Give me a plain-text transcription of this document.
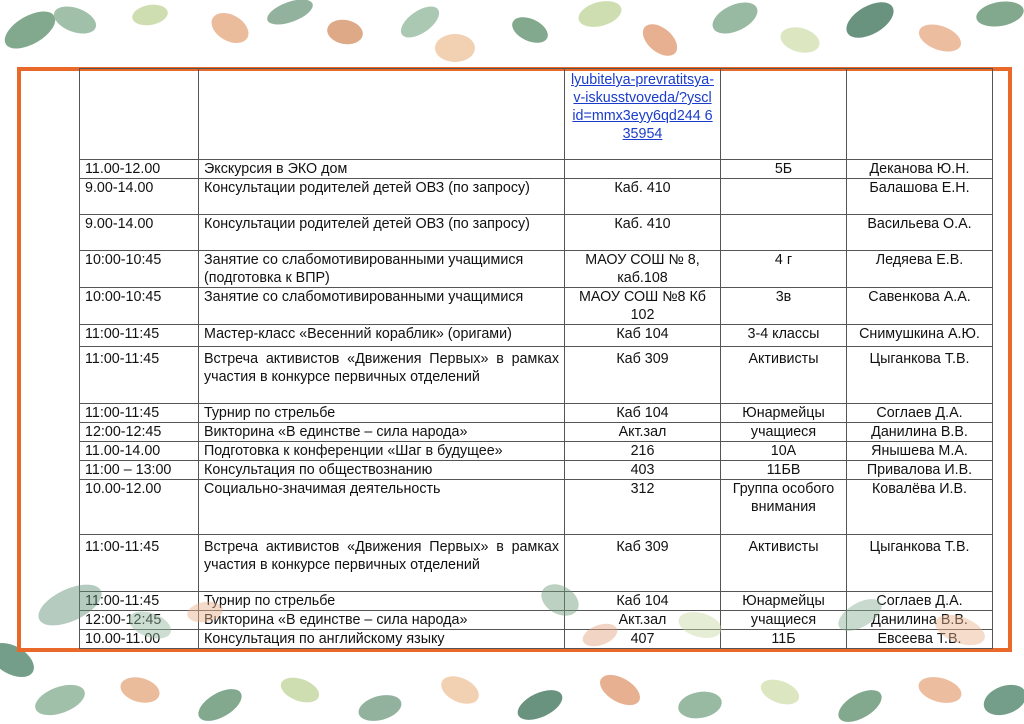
		lyubitelya-prevratitsya-v-iskusstvoveda/?yscl id=mmx3eyy6qd244 635954		
11.00-12.00	Экскурсия в ЭКО дом		5Б	Деканова Ю.Н.
9.00-14.00	Консультации родителей детей ОВЗ (по запросу)	Каб. 410		Балашова Е.Н.
9.00-14.00	Консультации родителей детей ОВЗ (по запросу)	Каб. 410		Васильева О.А.
10:00-10:45	Занятие со слабомотивированными учащимися (подготовка к ВПР)	МАОУ СОШ № 8, каб.108	4 г	Ледяева Е.В.
10:00-10:45	Занятие со слабомотивированными учащимися	МАОУ СОШ №8 Кб 102	3в	Савенкова А.А.
11:00-11:45	Мастер-класс «Весенний кораблик» (оригами)	Каб 104	3-4 классы	Снимушкина А.Ю.
11:00-11:45	Встреча активистов «Движения Первых» в рамках участия в конкурсе первичных отделений	Каб 309	Активисты	Цыганкова Т.В.
11:00-11:45	Турнир по стрельбе	Каб 104	Юнармейцы	Соглаев Д.А.
12:00-12:45	Викторина «В единстве – сила народа»	Акт.зал	учащиеся	Данилина В.В.
11.00-14.00	Подготовка к конференции «Шаг в будущее»	216	10А	Янышева М.А.
11:00 – 13:00	Консультация по обществознанию	403	11БВ	Привалова И.В.
10.00-12.00	Социально-значимая деятельность	312	Группа особого внимания	Ковалёва И.В.
11:00-11:45	Встреча активистов «Движения Первых» в рамках участия в конкурсе первичных отделений	Каб 309	Активисты	Цыганкова Т.В.
11:00-11:45	Турнир по стрельбе	Каб 104	Юнармейцы	Соглаев Д.А.
12:00-12:45	Викторина «В единстве – сила народа»	Акт.зал	учащиеся	Данилина В.В.
10.00-11.00	Консультация по английскому языку	407	11Б	Евсеева Т.В.
